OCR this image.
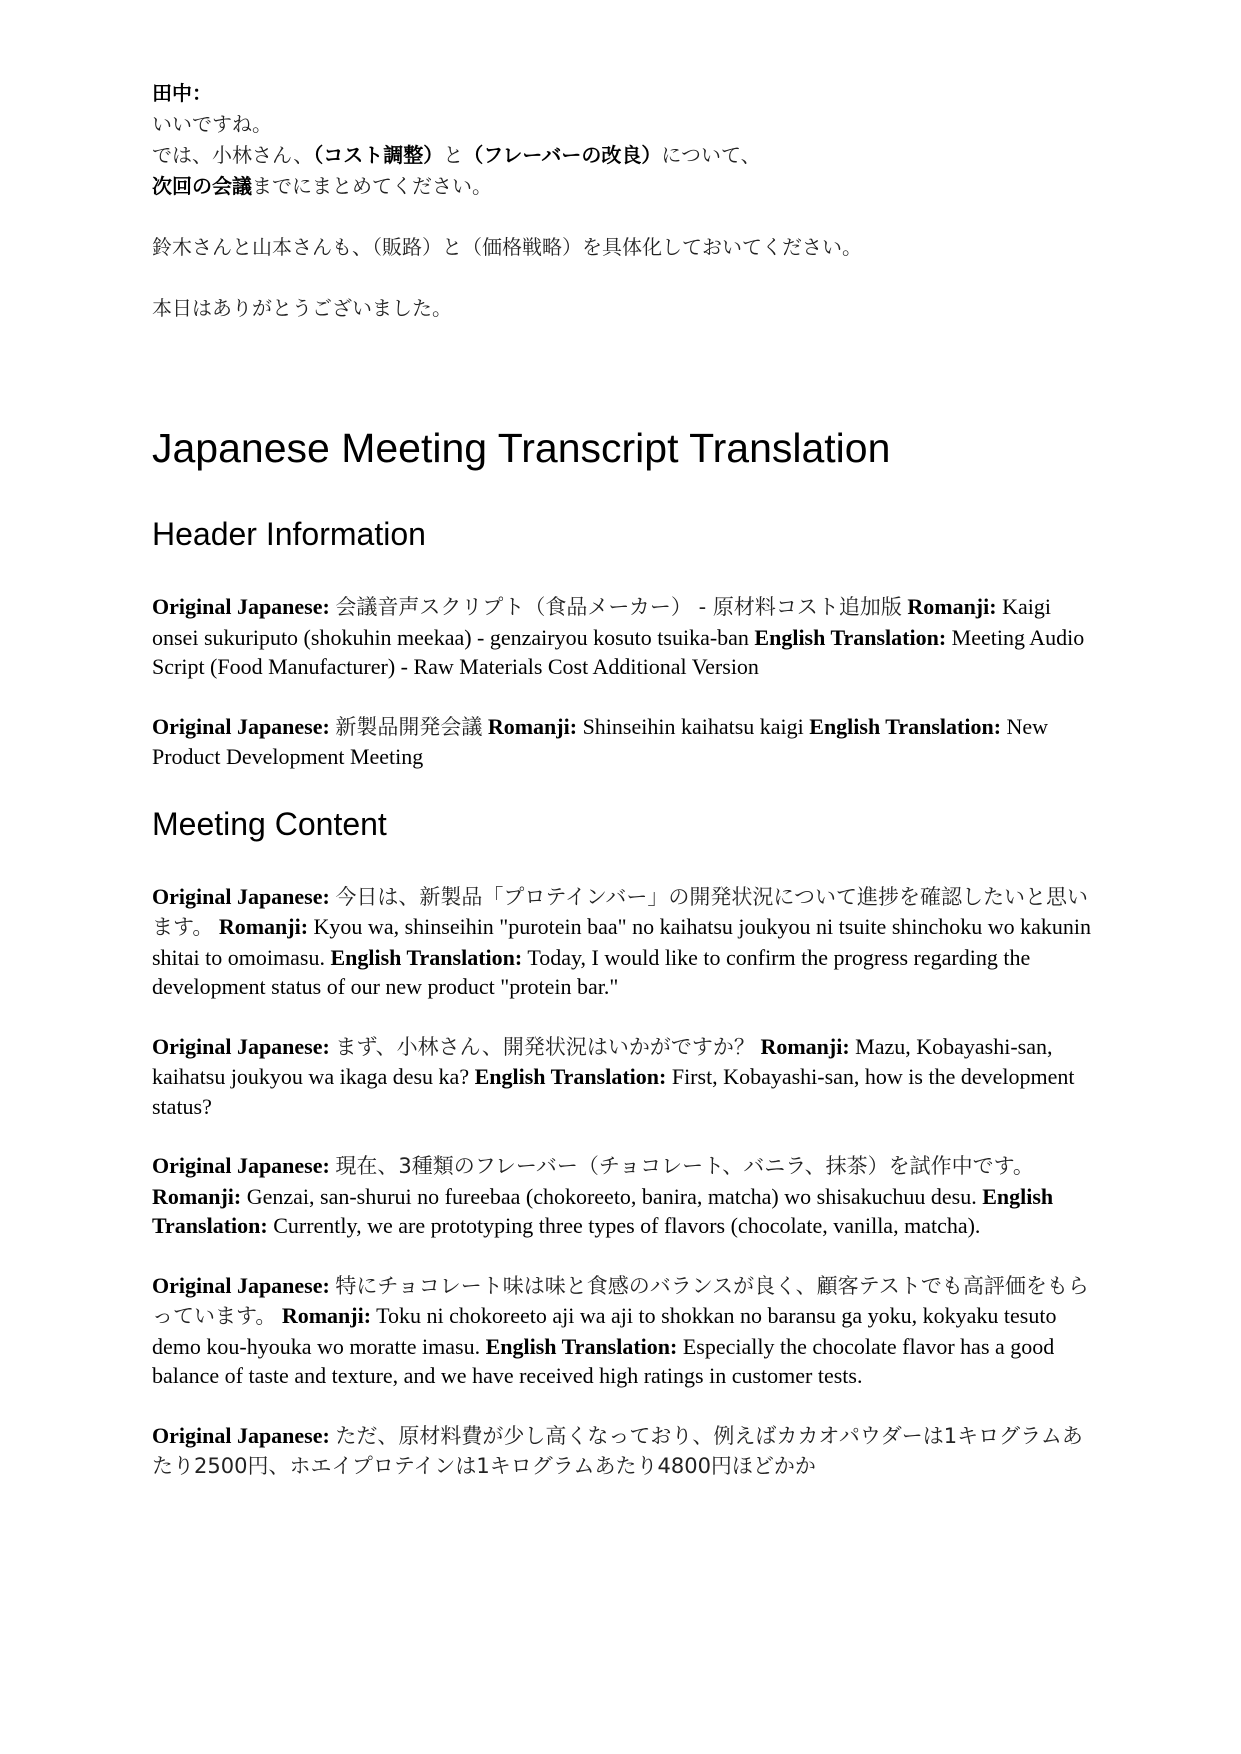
田中：
いいですね。
では、小林さん、（コスト調整）と（フレーバーの改良）について、
次回の会議までにまとめてください。
鈴木さんと山本さんも、（販路）と（価格戦略）を具体化しておいてください。
本日はありがとうございました。
Japanese Meeting Transcript Translation
Header Information

Original Japanese: 会議音声スクリプト（食品メーカー） - 原材料コスト追加版 Romanji: Kaigi onsei sukuriputo (shokuhin meekaa) - genzairyou kosuto tsuika-ban English Translation: Meeting Audio Script (Food Manufacturer) - Raw Materials Cost Additional Version

Original Japanese: 新製品開発会議 Romanji: Shinseihin kaihatsu kaigi English Translation: New Product Development Meeting

Meeting Content

Original Japanese: 今日は、新製品「プロテインバー」の開発状況について進捗を確認したいと思います。 Romanji: Kyou wa, shinseihin "purotein baa" no kaihatsu joukyou ni tsuite shinchoku wo kakunin shitai to omoimasu. English Translation: Today, I would like to confirm the progress regarding the development status of our new product "protein bar."

Original Japanese: まず、小林さん、開発状況はいかがですか？ Romanji: Mazu, Kobayashi-san, kaihatsu joukyou wa ikaga desu ka? English Translation: First, Kobayashi-san, how is the development status?

Original Japanese: 現在、3種類のフレーバー（チョコレート、バニラ、抹茶）を試作中です。 Romanji: Genzai, san-shurui no fureebaa (chokoreeto, banira, matcha) wo shisakuchuu desu. English Translation: Currently, we are prototyping three types of flavors (chocolate, vanilla, matcha).

Original Japanese: 特にチョコレート味は味と食感のバランスが良く、顧客テストでも高評価をもらっています。 Romanji: Toku ni chokoreeto aji wa aji to shokkan no baransu ga yoku, kokyaku tesuto demo kou-hyouka wo moratte imasu. English Translation: Especially the chocolate flavor has a good balance of taste and texture, and we have received high ratings in customer tests.

Original Japanese: ただ、原材料費が少し高くなっており、例えばカカオパウダーは1キログラムあたり2500円、ホエイプロテインは1キログラムあたり4800円ほどかか
